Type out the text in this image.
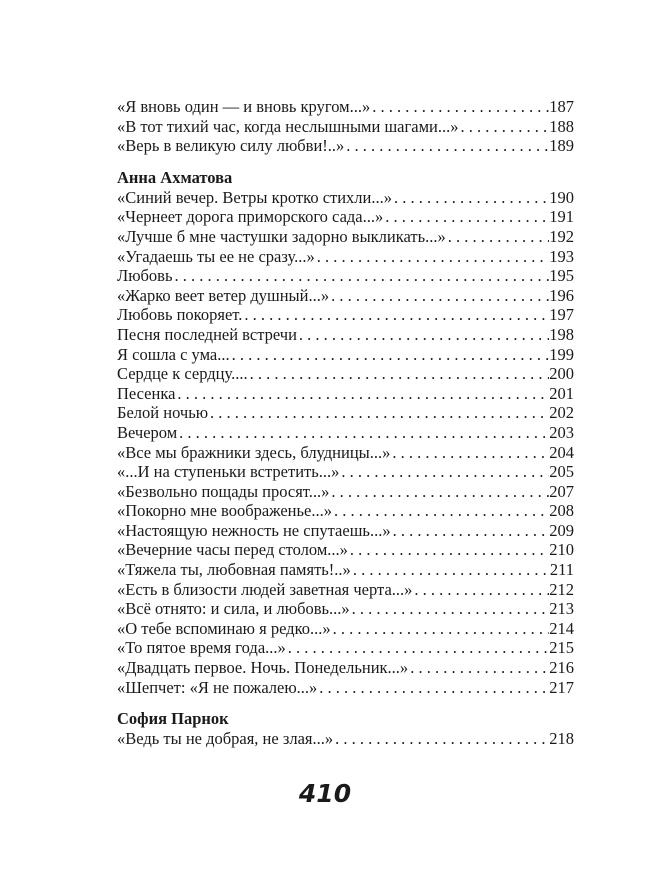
«Я вновь один — и вновь кругом...» . . .	187
«В тот тихий час, когда неслышными шагами...» . . .	188
«Верь в великую силу любви!..» . . .	189
Анна Ахматова
«Синий вечер. Ветры кротко стихли...» . . .	190
«Чернеет дорога приморского сада...» . . .	191
«Лучше б мне частушки задорно выкликать...» . . .	192
«Угадаешь ты ее не сразу...» . . .	193
Любовь . . .	195
«Жарко веет ветер душный...» . . .	196
Любовь покоряет. . . .	197
Песня последней встречи . . .	198
Я сошла с ума... . . .	199
Сердце к сердцу.... . . .	200
Песенка . . .	201
Белой ночью . . .	202
Вечером . . .	203
«Все мы бражники здесь, блудницы...» . . .	204
«...И на ступеньки встретить...» . . .	205
«Безвольно пощады просят...» . . .	207
«Покорно мне воображенье...» . . .	208
«Настоящую нежность не спутаешь...» . . .	209
«Вечерние часы перед столом...» . . .	210
«Тяжела ты, любовная память!..» . . .	211
«Есть в близости людей заветная черта...» . . .	212
«Всё отнято: и сила, и любовь...» . . .	213
«О тебе вспоминаю я редко...» . . .	214
«То пятое время года...» . . .	215
«Двадцать первое. Ночь. Понедельник...» . . .	216
«Шепчет: «Я не пожалею...» . . .	217
София Парнок
«Ведь ты не добрая, не злая...» . . .	218
410
